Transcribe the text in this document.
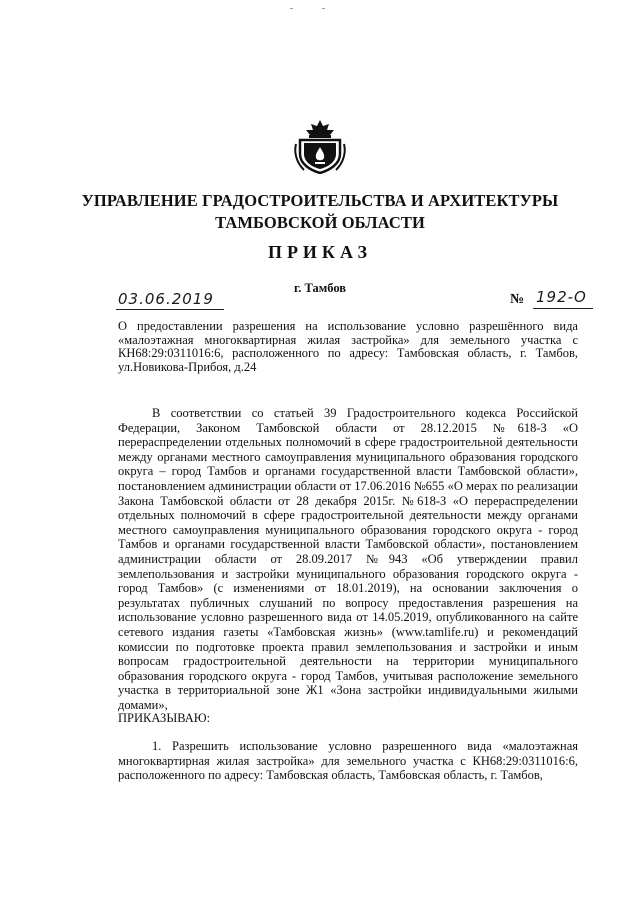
УПРАВЛЕНИЕ ГРАДОСТРОИТЕЛЬСТВА И АРХИТЕКТУРЫ
ТАМБОВСКОЙ ОБЛАСТИ
ПРИКАЗ
г. Тамбов
03.06.2019	№ 192-О
О предоставлении разрешения на использование условно разрешённого вида «малоэтажная многоквартирная жилая застройка» для земельного участка с КН68:29:0311016:6, расположенного по адресу: Тамбовская область, г. Тамбов, ул.Новикова-Прибоя, д.24
В соответствии со статьей 39 Градостроительного кодекса Российской Федерации, Законом Тамбовской области от 28.12.2015 №618-З «О перераспределении отдельных полномочий в сфере градостроительной деятельности между органами местного самоуправления муниципального образования городского округа – город Тамбов и органами государственной власти Тамбовской области», постановлением администрации области от 17.06.2016 №655 «О мерах по реализации Закона Тамбовской области от 28 декабря 2015г. №618-З «О перераспределении отдельных полномочий в сфере градостроительной деятельности между органами местного самоуправления муниципального образования городского округа - город Тамбов и органами государственной власти Тамбовской области», постановлением администрации области от 28.09.2017 №943 «Об утверждении правил землепользования и застройки муниципального образования городского округа - город Тамбов» (с изменениями от 18.01.2019), на основании заключения о результатах публичных слушаний по вопросу предоставления разрешения на использование условно разрешенного вида от 14.05.2019, опубликованного на сайте сетевого издания газеты «Тамбовская жизнь» (www.tamlife.ru) и рекомендаций комиссии по подготовке проекта правил землепользования и застройки и иным вопросам градостроительной деятельности на территории муниципального образования городского округа - город Тамбов, учитывая расположение земельного участка в территориальной зоне Ж1 «Зона застройки индивидуальными жилыми домами»,
ПРИКАЗЫВАЮ:
1. Разрешить использование условно разрешенного вида «малоэтажная многоквартирная жилая застройка» для земельного участка с КН68:29:0311016:6, расположенного по адресу: Тамбовская область, Тамбовская область, г. Тамбов,
